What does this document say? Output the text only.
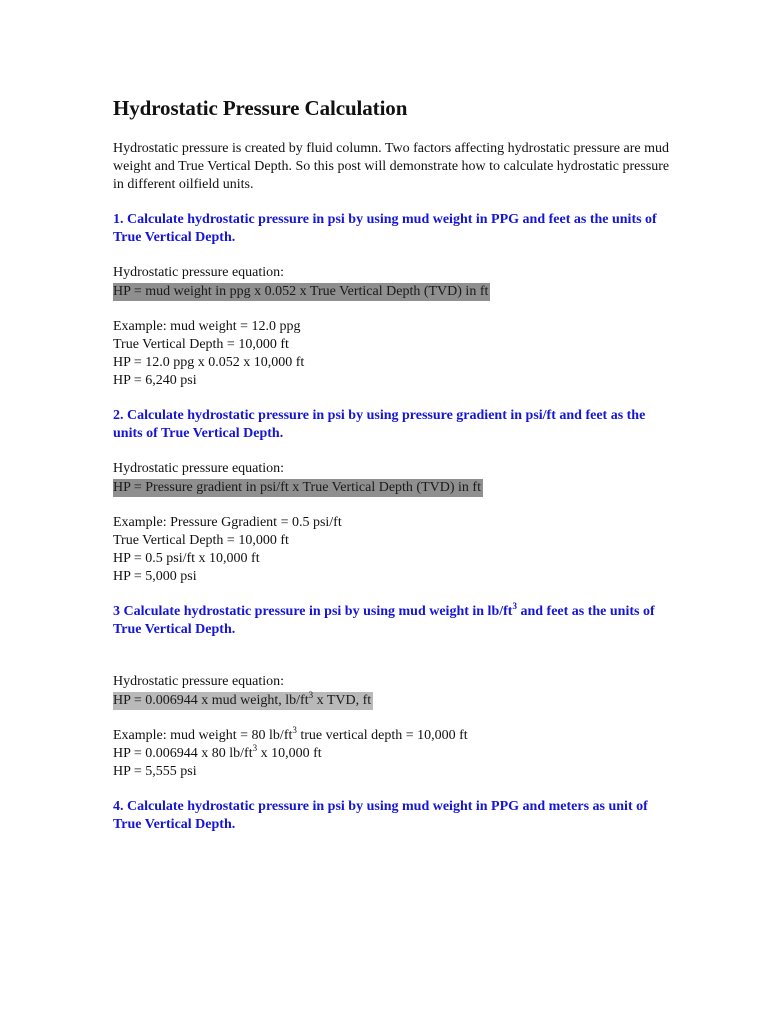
Hydrostatic Pressure Calculation

Hydrostatic pressure is created by fluid column. Two factors affecting hydrostatic pressure are mud weight and True Vertical Depth. So this post will demonstrate how to calculate hydrostatic pressure in different oilfield units.

1. Calculate hydrostatic pressure in psi by using mud weight in PPG and feet as the units of True Vertical Depth.

Hydrostatic pressure equation:

HP = mud weight in ppg x 0.052 x True Vertical Depth (TVD) in ft
Example: mud weight = 12.0 ppg
True Vertical Depth = 10,000 ft
HP = 12.0 ppg x 0.052 x 10,000 ft
HP = 6,240 psi

2. Calculate hydrostatic pressure in psi by using pressure gradient in psi/ft and feet as the units of True Vertical Depth.

Hydrostatic pressure equation:

HP = Pressure gradient in psi/ft x True Vertical Depth (TVD) in ft
Example: Pressure Ggradient = 0.5 psi/ft
True Vertical Depth = 10,000 ft
HP = 0.5 psi/ft x 10,000 ft
HP = 5,000 psi

3 Calculate hydrostatic pressure in psi by using mud weight in $lb/ft^3$ and feet as the units of True Vertical Depth.

Hydrostatic pressure equation:

HP = 0.006944 x mud weight, $lb/ft^3$ x TVD, ft
Example: mud weight = 80 $lb/ft^3$ true vertical depth = 10,000 ft
HP = 0.006944 x 80 $lb/ft^3$ x 10,000 ft
HP = 5,555 psi

4. Calculate hydrostatic pressure in psi by using mud weight in PPG and meters as unit of True Vertical Depth.
